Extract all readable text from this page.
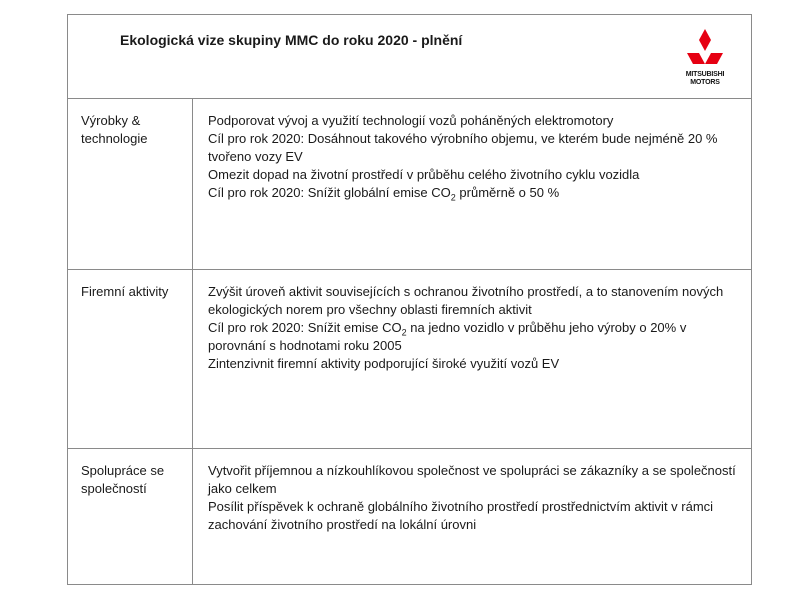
Ekologická vize skupiny MMC do roku 2020 - plnění
MITSUBISHI
MOTORS
Výrobky & technologie

Podporovat vývoj a využití technologií vozů poháněných elektromotory

Cíl pro rok 2020: Dosáhnout takového výrobního objemu, ve kterém bude nejméně 20 % tvořeno vozy EV

Omezit dopad na životní prostředí v průběhu celého životního cyklu vozidla

Cíl pro rok 2020: Snížit globální emise $CO_2$ průměrně o 50 %

Firemní aktivity	Zvýšit úroveň aktivit souvisejících s ochranou životního prostředí, a to stanovením nových ekologických norem pro všechny oblasti firemních aktivit

Cíl pro rok 2020: Snížit emise $CO_2$ na jedno vozidlo v průběhu jeho výroby o 20% v porovnání s hodnotami roku 2005

Zintenzivnit firemní aktivity podporující široké využití vozů EV

Spolupráce se společností

Vytvořit příjemnou a nízkouhlíkovou společnost ve spolupráci se zákazníky a se společností jako celkem

Posílit příspěvek k ochraně globálního životního prostředí prostřednictvím aktivit v rámci zachování životního prostředí na lokální úrovni
